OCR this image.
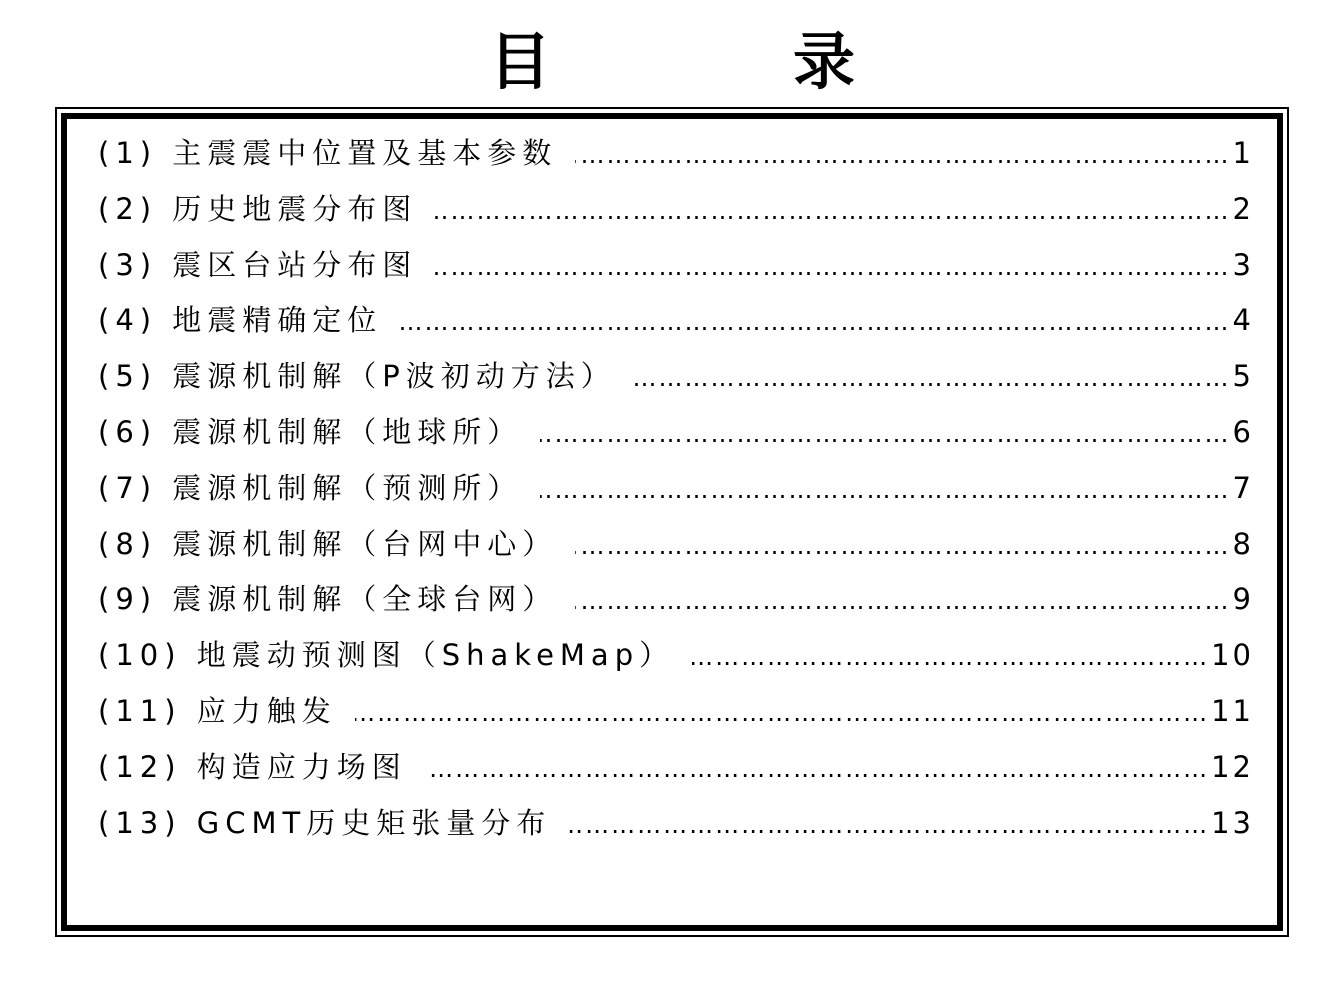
目　录
(1) 主震震中位置及基本参数 ………………………………………………………………………………………………………………………………………	1
(2) 历史地震分布图 ………………………………………………………………………………………………………………………………………	2
(3) 震区台站分布图 ………………………………………………………………………………………………………………………………………	3
(4) 地震精确定位 ………………………………………………………………………………………………………………………………………	4
(5) 震源机制解（P波初动方法） ………………………………………………………………………………………………………………………………………	5
(6) 震源机制解（地球所） ………………………………………………………………………………………………………………………………………	6
(7) 震源机制解（预测所） ………………………………………………………………………………………………………………………………………	7
(8) 震源机制解（台网中心） ………………………………………………………………………………………………………………………………………	8
(9) 震源机制解（全球台网） ………………………………………………………………………………………………………………………………………	9
(10) 地震动预测图（ShakeMap） ………………………………………………………………………………………………………………………………………	10
(11) 应力触发 ………………………………………………………………………………………………………………………………………	11
(12) 构造应力场图 ………………………………………………………………………………………………………………………………………	12
(13) GCMT历史矩张量分布 ………………………………………………………………………………………………………………………………………	13
